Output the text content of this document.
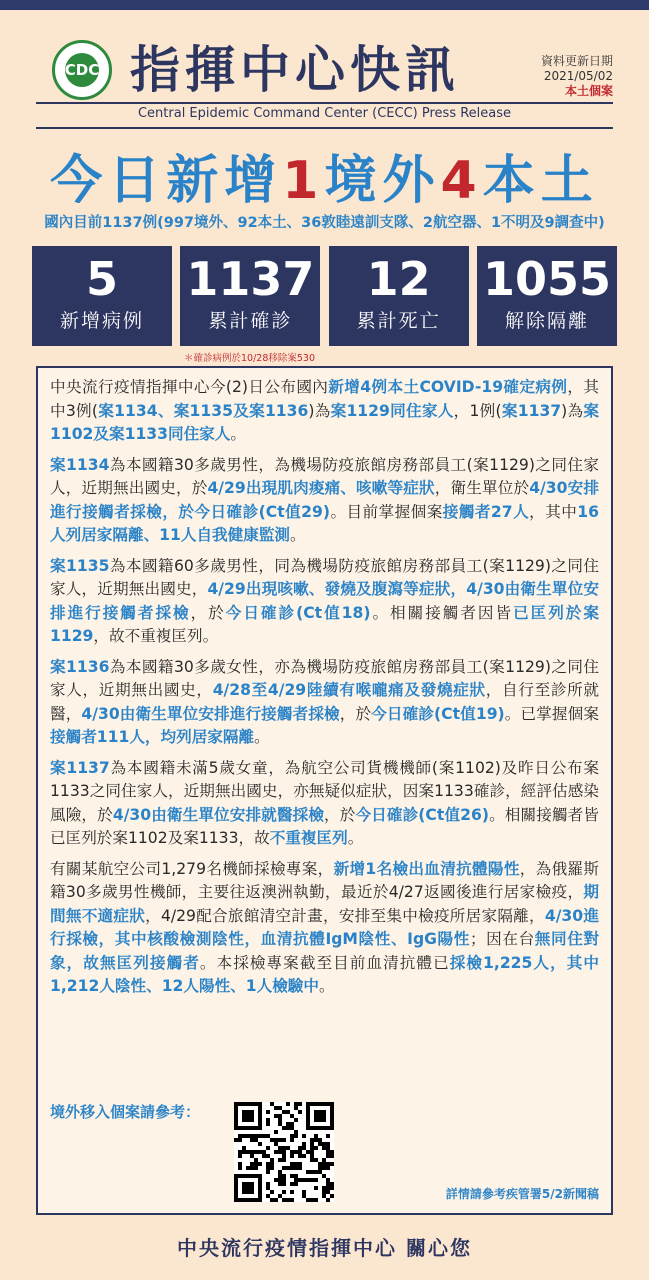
CDC 指揮中心快訊	資料更新日期
2021/05/02
本土個案
Central Epidemic Command Center (CECC) Press Release
今日新增1境外4本土
國內目前1137例(997境外、92本土、36敦睦遠訓支隊、2航空器、1不明及9調查中)
5
新增病例
1137
累計確診
12
累計死亡
1055
解除隔離
＊確診病例於10/28移除案530

中央流行疫情指揮中心今(2)日公布國內新增4例本土COVID-19確定病例，其中3例(案1134、案1135及案1136)為案1129同住家人，1例(案1137)為案1102及案1133同住家人。

案1134為本國籍30多歲男性，為機場防疫旅館房務部員工(案1129)之同住家人，近期無出國史，於4/29出現肌肉痠痛、咳嗽等症狀，衛生單位於4/30安排進行接觸者採檢，於今日確診(Ct值29)。目前掌握個案接觸者27人，其中16人列居家隔離、11人自我健康監測。

案1135為本國籍60多歲男性，同為機場防疫旅館房務部員工(案1129)之同住家人，近期無出國史，4/29出現咳嗽、發燒及腹瀉等症狀，4/30由衛生單位安排進行接觸者採檢，於今日確診(Ct值18)。相關接觸者因皆已匡列於案1129，故不重複匡列。

案1136為本國籍30多歲女性，亦為機場防疫旅館房務部員工(案1129)之同住家人，近期無出國史，4/28至4/29陸續有喉嚨痛及發燒症狀，自行至診所就醫，4/30由衛生單位安排進行接觸者採檢，於今日確診(Ct值19)。已掌握個案接觸者111人，均列居家隔離。

案1137為本國籍未滿5歲女童，為航空公司貨機機師(案1102)及昨日公布案1133之同住家人，近期無出國史，亦無疑似症狀，因案1133確診，經評估感染風險，於4/30由衛生單位安排就醫採檢，於今日確診(Ct值26)。相關接觸者皆已匡列於案1102及案1133，故不重複匡列。

有關某航空公司1,279名機師採檢專案，新增1名檢出血清抗體陽性，為俄羅斯籍30多歲男性機師，主要往返澳洲執勤，最近於4/27返國後進行居家檢疫，期間無不適症狀，4/29配合旅館清空計畫，安排至集中檢疫所居家隔離，4/30進行採檢，其中核酸檢測陰性，血清抗體IgM陰性、IgG陽性；因在台無同住對象，故無匡列接觸者。本採檢專案截至目前血清抗體已採檢1,225人，其中1,212人陰性、12人陽性、1人檢驗中。

境外移入個案請參考：
詳情請參考疾管署5/2新聞稿
中央流行疫情指揮中心 關心您
